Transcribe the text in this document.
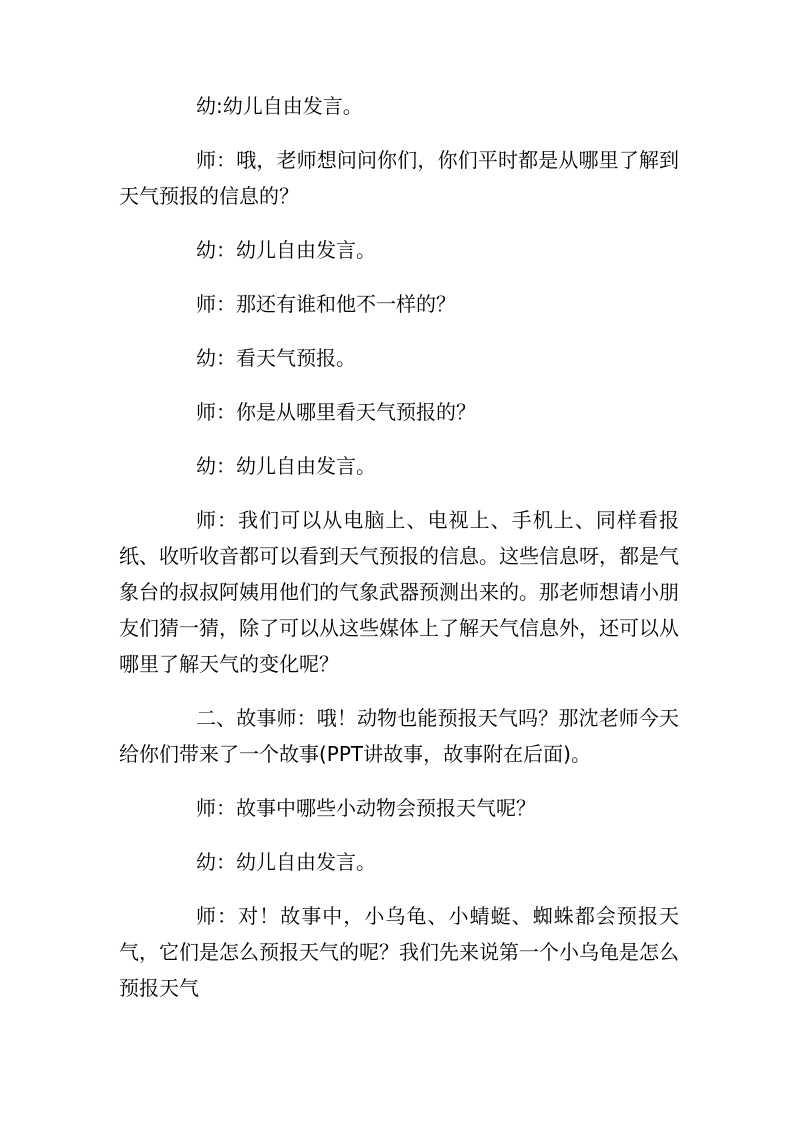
幼:幼儿自由发言。

师：哦，老师想问问你们，你们平时都是从哪里了解到天气预报的信息的？

幼：幼儿自由发言。

师：那还有谁和他不一样的？

幼：看天气预报。

师：你是从哪里看天气预报的？

幼：幼儿自由发言。

师：我们可以从电脑上、电视上、手机上、同样看报纸、收听收音都可以看到天气预报的信息。这些信息呀，都是气象台的叔叔阿姨用他们的气象武器预测出来的。那老师想请小朋友们猜一猜，除了可以从这些媒体上了解天气信息外，还可以从哪里了解天气的变化呢？

二、故事师：哦！动物也能预报天气吗？那沈老师今天给你们带来了一个故事(PPT讲故事，故事附在后面)。

师：故事中哪些小动物会预报天气呢？

幼：幼儿自由发言。

师：对！故事中，小乌龟、小蜻蜓、蜘蛛都会预报天气，它们是怎么预报天气的呢？我们先来说第一个小乌龟是怎么预报天气
